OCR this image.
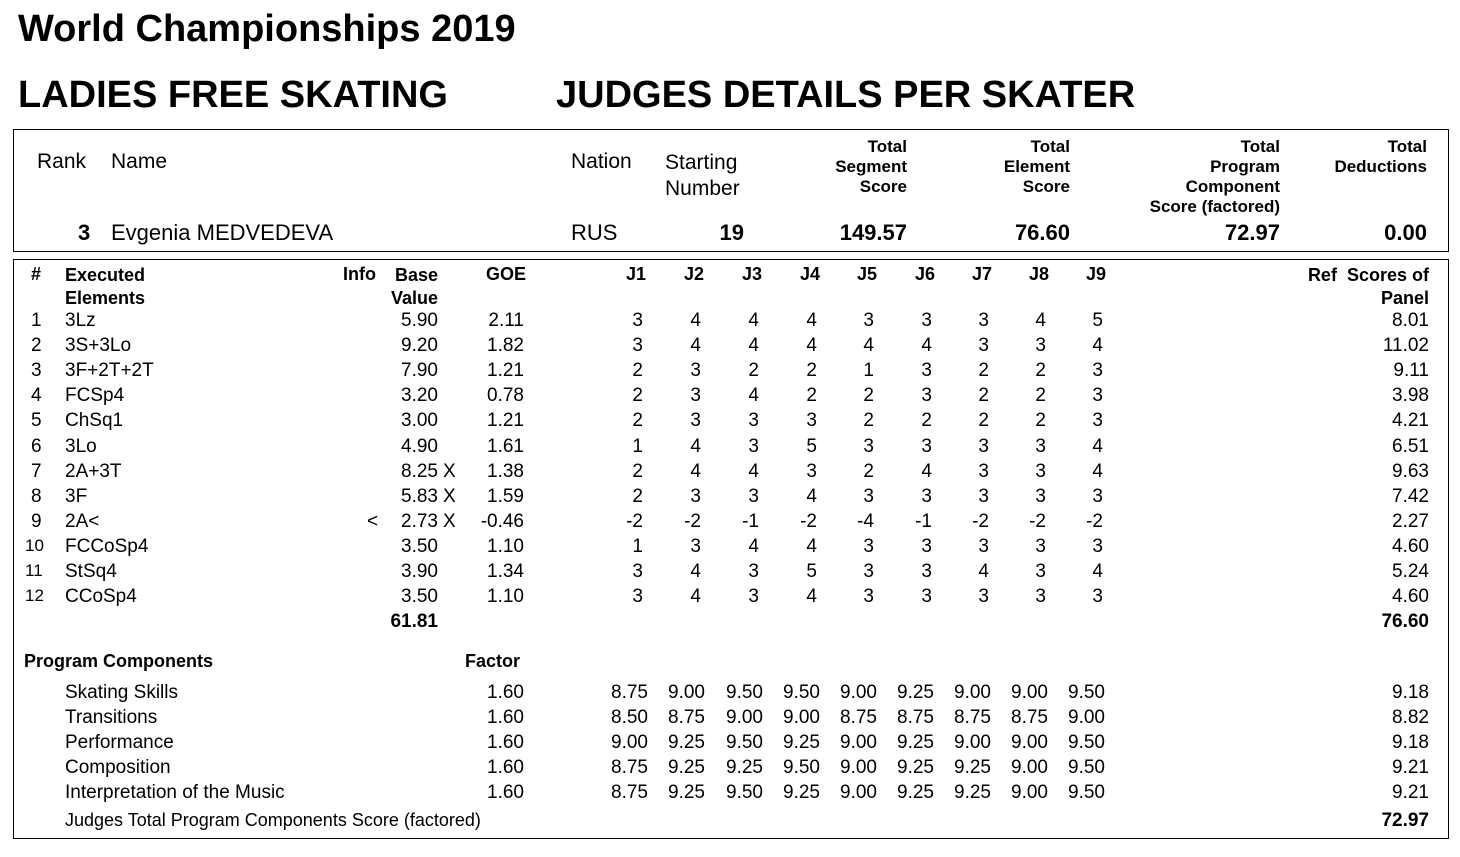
World Championships 2019
LADIES FREE SKATING	JUDGES DETAILS PER SKATER
Rank Name	Nation Starting
Number
Total
Segment
Score
Total
Element
Score
Total
Program
Component
Score (factored)
Total
Deductions
3 Evgenia MEDVEDEVA	RUS	19	149.57	76.60	72.97	0.00
# Executed
Elements
Info Base
Value
GOE	J1	J2	J3	J4	J5	J6	J7	J8	J9	Ref Scores of
Panel
1 3Lz	5.90	2.11	3 4 4 4 3 3 3 4 5	8.01
2 3S+3Lo	9.20	1.82	3 4 4 4 4 4 3 3 4	11.02
3 3F+2T+2T	7.90	1.21	2 3 2 2 1 3 2 2 3	9.11
4 FCSp4	3.20	0.78	2 3 4 2 2 3 2 2 3	3.98
5 ChSq1	3.00	1.21	2 3 3 3 2 2 2 2 3	4.21
6 3Lo	4.90	1.61	1 4 3 5 3 3 3 3 4	6.51
7 2A+3T	8.25 X 1.38	2 4 4 3 2 4 3 3 4	9.63
8 3F	5.83 X 1.59	2 3 3 4 3 3 3 3 3	7.42
9 2A<	< 2.73 X -0.46	-2 -2 -1 -2 -4 -1 -2 -2 -2	2.27
10 FCCoSp4	3.50	1.10	1 3 4 4 3 3 3 3 3	4.60
11 StSq4	3.90	1.34	3 4 3 5 3 3 4 3 4	5.24
12 CCoSp4	3.50	1.10	3 4 3 4 3 3 3 3 3	4.60
61.81	76.60
Program Components	Factor
Skating Skills	1.60	8.75 9.00 9.50 9.50 9.00 9.25 9.00 9.00 9.50	9.18
Transitions	1.60	8.50 8.75 9.00 9.00 8.75 8.75 8.75 8.75 9.00	8.82
Performance	1.60	9.00 9.25 9.50 9.25 9.00 9.25 9.00 9.00 9.50	9.18
Composition	1.60	8.75 9.25 9.25 9.50 9.00 9.25 9.25 9.00 9.50	9.21
Interpretation of the Music	1.60	8.75 9.25 9.50 9.25 9.00 9.25 9.25 9.00 9.50	9.21
Judges Total Program Components Score (factored)	72.97
